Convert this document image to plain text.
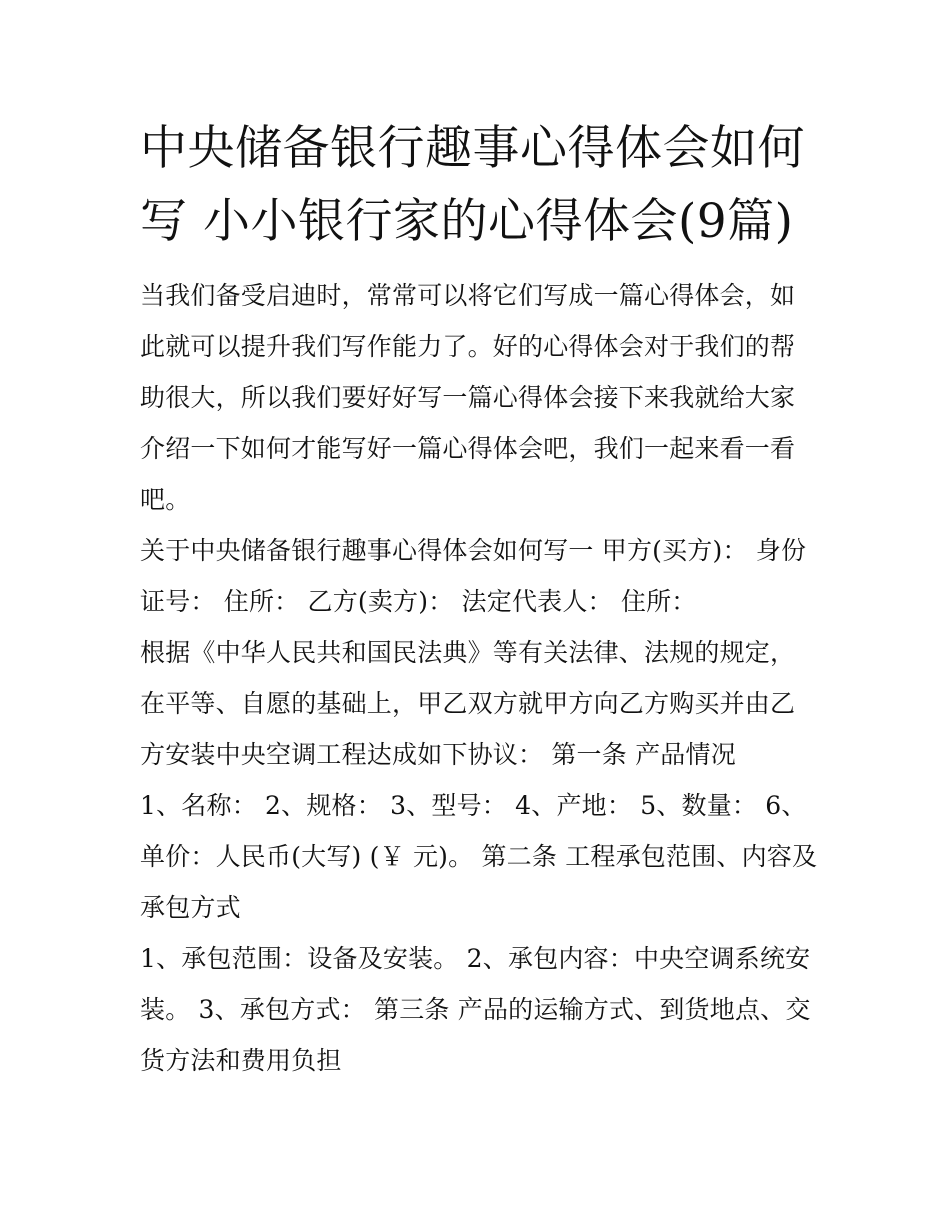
中央储备银行趣事心得体会如何写 小小银行家的心得体会(9篇)

当我们备受启迪时，常常可以将它们写成一篇心得体会，如此就可以提升我们写作能力了。好的心得体会对于我们的帮助很大，所以我们要好好写一篇心得体会接下来我就给大家介绍一下如何才能写好一篇心得体会吧，我们一起来看一看吧。

关于中央储备银行趣事心得体会如何写一 甲方(买方)： 身份证号： 住所： 乙方(卖方)： 法定代表人： 住所：

根据《中华人民共和国民法典》等有关法律、法规的规定，在平等、自愿的基础上，甲乙双方就甲方向乙方购买并由乙方安装中央空调工程达成如下协议： 第一条 产品情况

1、名称： 2、规格： 3、型号： 4、产地： 5、数量： 6、单价：人民币(大写) (￥ 元)。 第二条 工程承包范围、内容及承包方式

1、承包范围：设备及安装。 2、承包内容：中央空调系统安装。 3、承包方式： 第三条 产品的运输方式、到货地点、交货方法和费用负担
